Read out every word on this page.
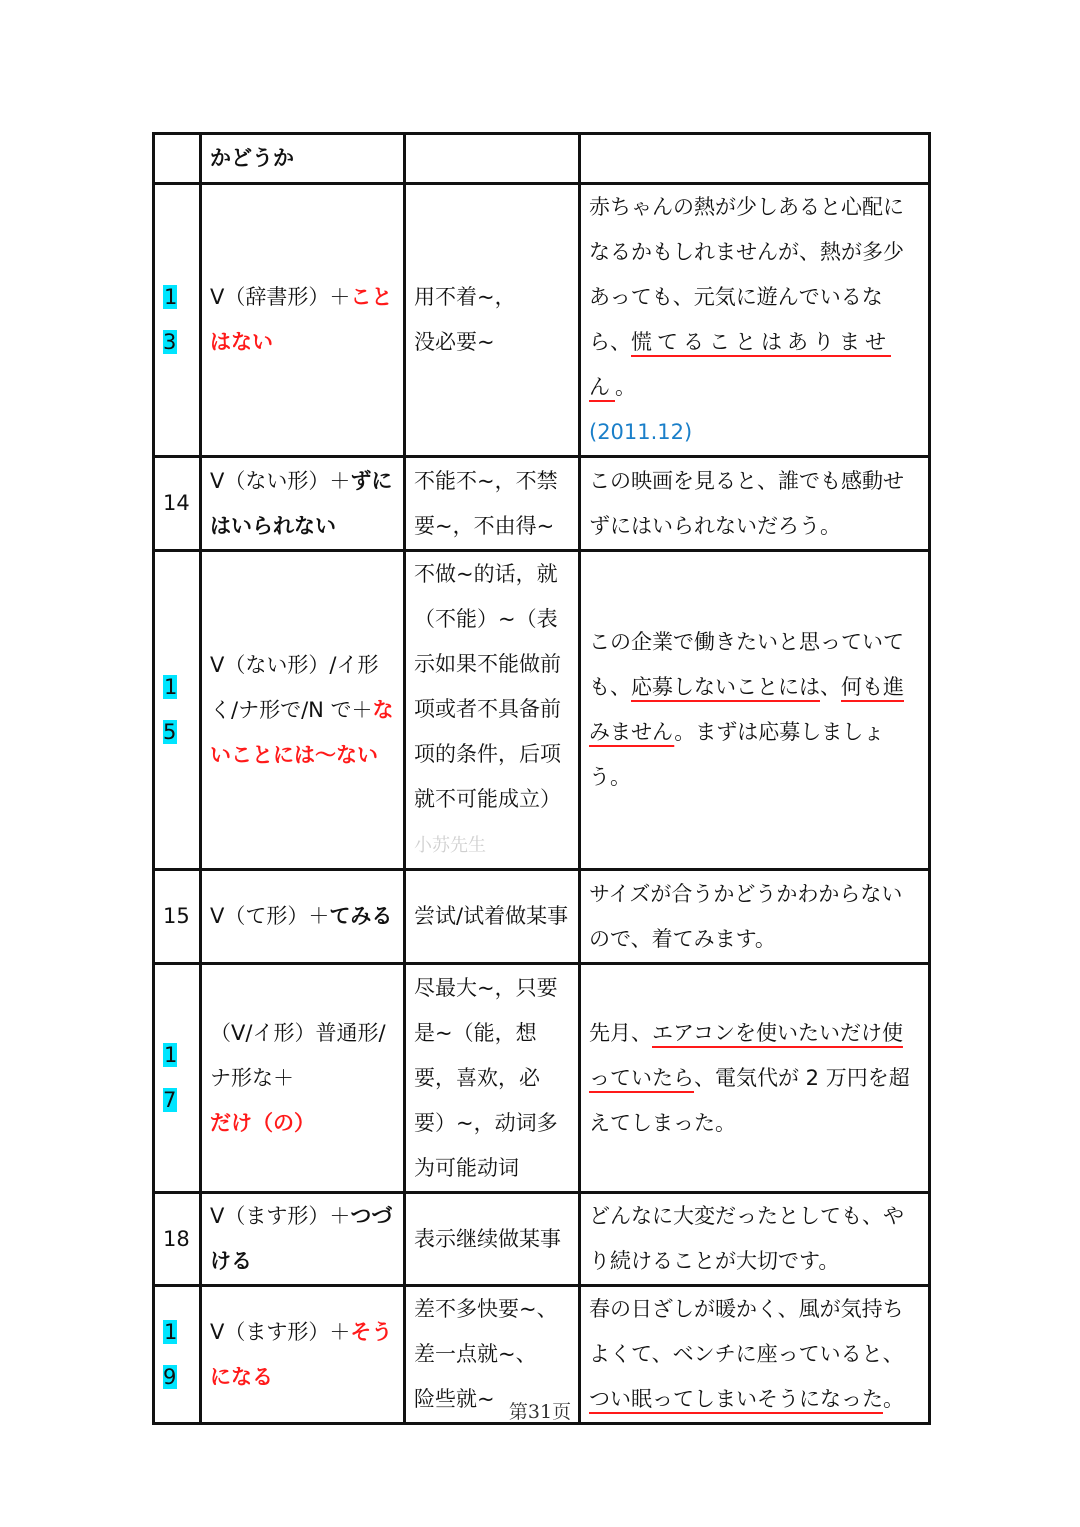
	かどうか		
13	V（辞書形）＋ことはない	用不着~，
没必要~	赤ちゃんの熱が少しあると心配になるかもしれませんが、熱が多少あっても、元気に遊んでいるなら、慌てることはありません。
(2011.12)
14	V（ない形）＋ずにはいられない	不能不~，不禁要~，不由得~	この映画を見ると、誰でも感動せずにはいられないだろう。
15	V（ない形）/イ形く/ナ形で/N で＋ないことには～ない	不做~的话，就（不能）~（表示如果不能做前项或者不具备前项的条件，后项就不可能成立）小苏先生	この企業で働きたいと思っていても、応募しないことには、何も進みません。まずは応募しましょう。
15	V（て形）＋てみる	尝试/试着做某事	サイズが合うかどうかわからないので、着てみます。
17	（V/イ形）普通形/ナ形な＋だけ（の）	尽最大~，只要是~（能，想要，喜欢，必要）~，动词多为可能动词	先月、エアコンを使いたいだけ使っていたら、電気代が 2 万円を超えてしまった。
18	V（ます形）＋つづける	表示继续做某事	どんなに大変だったとしても、やり続けることが大切です。
19	V（ます形）＋そうになる	差不多快要~、
差一点就~、
险些就~	春の日ざしが暖かく、風が気持ちよくて、ベンチに座っていると、つい眠ってしまいそうになった。
第31页
